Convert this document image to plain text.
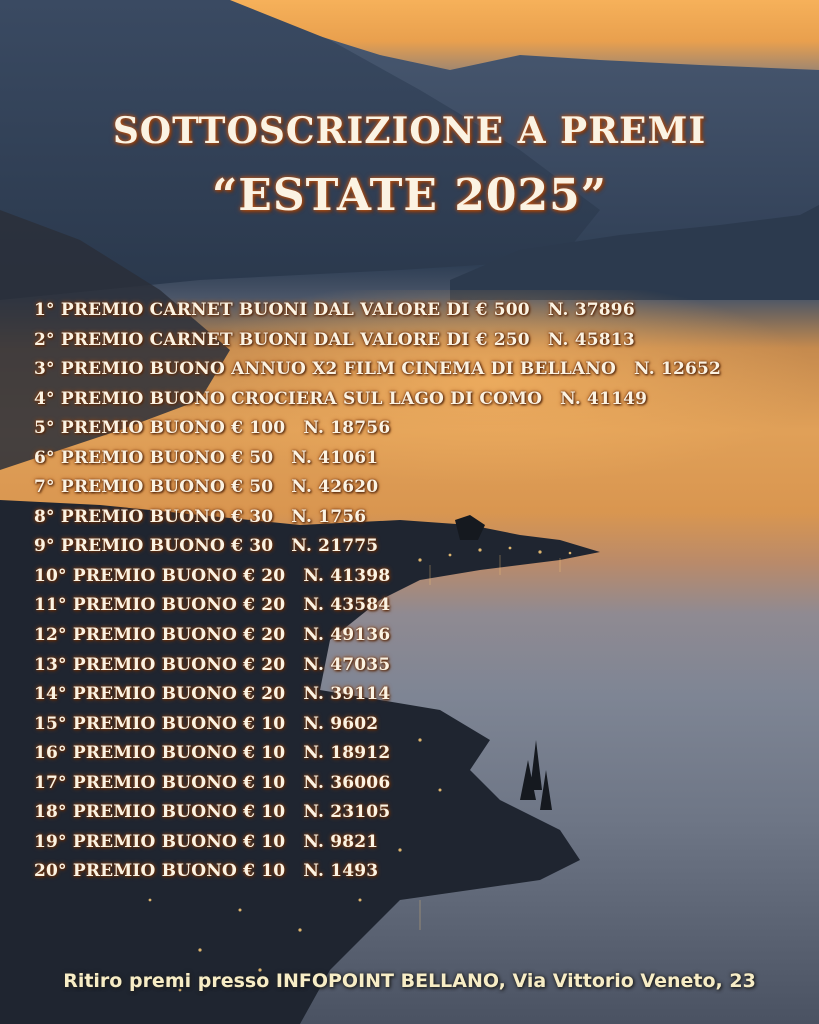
SOTTOSCRIZIONE A PREMI
“ESTATE 2025”
1° PREMIO CARNET BUONI DAL VALORE DI € 500 N. 37896
2° PREMIO CARNET BUONI DAL VALORE DI € 250 N. 45813
3° PREMIO BUONO ANNUO X2 FILM CINEMA DI BELLANO N. 12652
4° PREMIO BUONO CROCIERA SUL LAGO DI COMO N. 41149
5° PREMIO BUONO € 100 N. 18756
6° PREMIO BUONO € 50 N. 41061
7° PREMIO BUONO € 50 N. 42620
8° PREMIO BUONO € 30 N. 1756
9° PREMIO BUONO € 30 N. 21775
10° PREMIO BUONO € 20 N. 41398
11° PREMIO BUONO € 20 N. 43584
12° PREMIO BUONO € 20 N. 49136
13° PREMIO BUONO € 20 N. 47035
14° PREMIO BUONO € 20 N. 39114
15° PREMIO BUONO € 10 N. 9602
16° PREMIO BUONO € 10 N. 18912
17° PREMIO BUONO € 10 N. 36006
18° PREMIO BUONO € 10 N. 23105
19° PREMIO BUONO € 10 N. 9821
20° PREMIO BUONO € 10 N. 1493
Ritiro premi presso INFOPOINT BELLANO, Via Vittorio Veneto, 23
